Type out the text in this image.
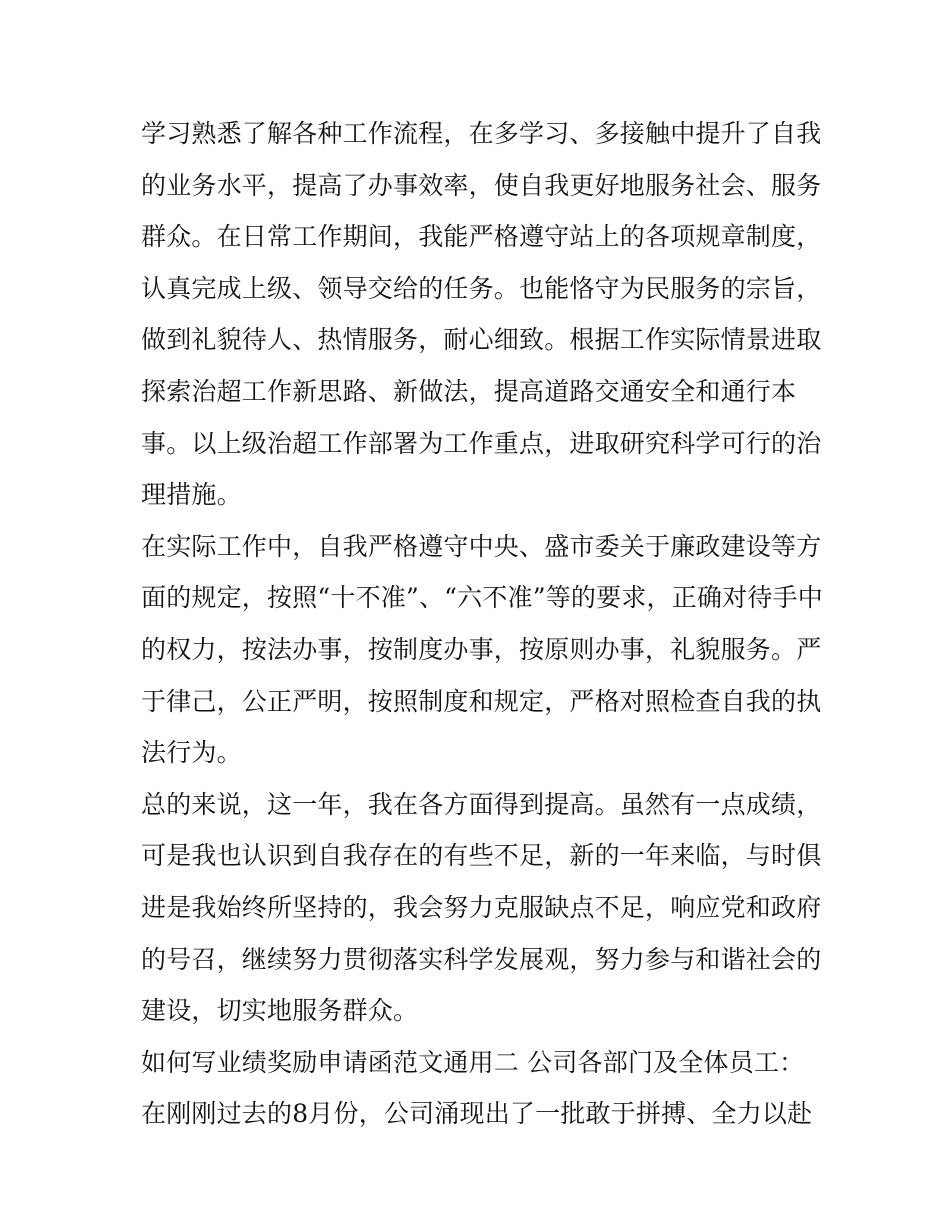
学习熟悉了解各种工作流程，在多学习、多接触中提升了自我
的业务水平，提高了办事效率，使自我更好地服务社会、服务
群众。在日常工作期间，我能严格遵守站上的各项规章制度，
认真完成上级、领导交给的任务。也能恪守为民服务的宗旨，
做到礼貌待人、热情服务，耐心细致。根据工作实际情景进取
探索治超工作新思路、新做法，提高道路交通安全和通行本
事。以上级治超工作部署为工作重点，进取研究科学可行的治
理措施。
在实际工作中，自我严格遵守中央、盛市委关于廉政建设等方
面的规定，按照“十不准”、“六不准”等的要求，正确对待手中
的权力，按法办事，按制度办事，按原则办事，礼貌服务。严
于律己，公正严明，按照制度和规定，严格对照检查自我的执
法行为。
总的来说，这一年，我在各方面得到提高。虽然有一点成绩，
可是我也认识到自我存在的有些不足，新的一年来临，与时俱
进是我始终所坚持的，我会努力克服缺点不足，响应党和政府
的号召，继续努力贯彻落实科学发展观，努力参与和谐社会的
建设，切实地服务群众。
如何写业绩奖励申请函范文通用二 公司各部门及全体员工：
在刚刚过去的8月份，公司涌现出了一批敢于拼搏、全力以赴
